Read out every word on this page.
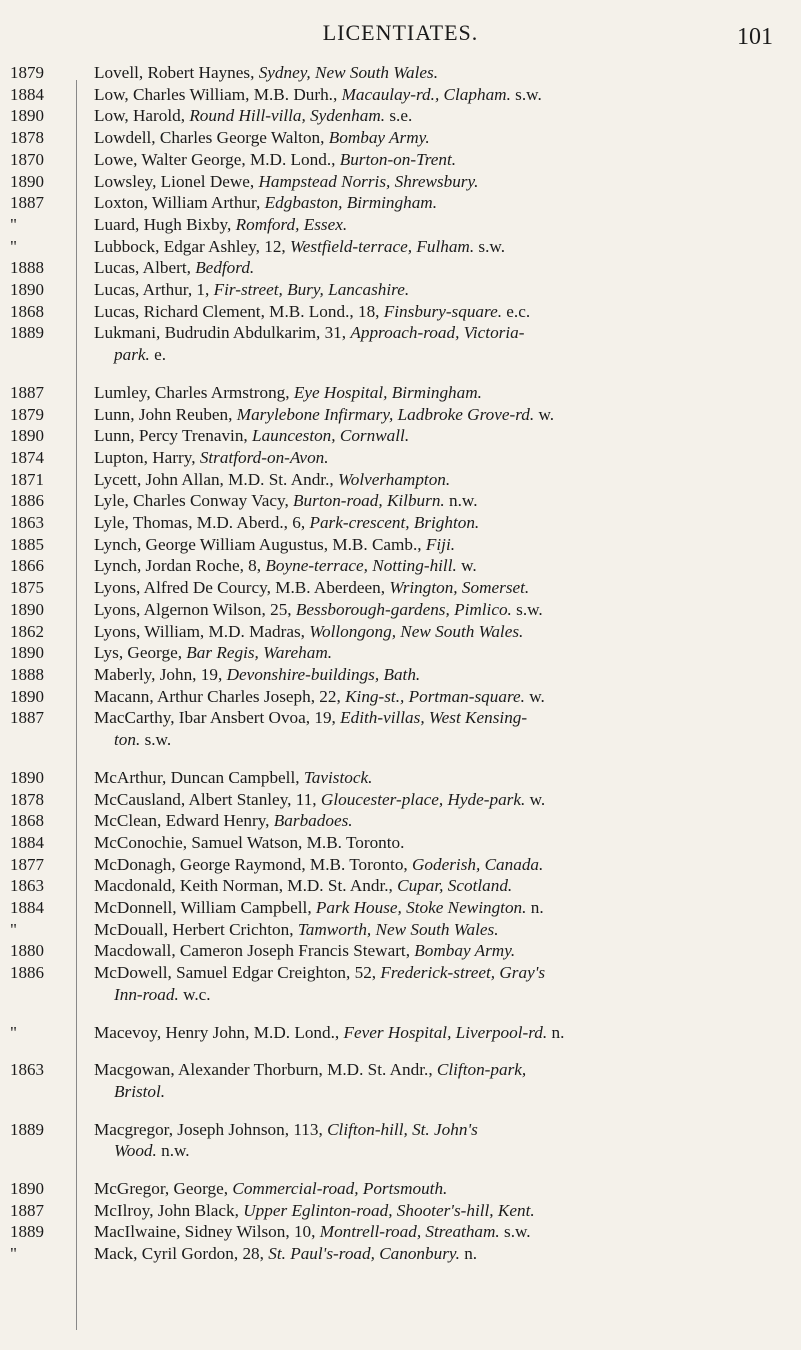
LICENTIATES.	101
1879	Lovell, Robert Haynes, Sydney, New South Wales.
1884	Low, Charles William, M.B. Durh., Macaulay-rd., Clapham. s.w.
1890	Low, Harold, Round Hill-villa, Sydenham. s.e.
1878	Lowdell, Charles George Walton, Bombay Army.
1870	Lowe, Walter George, M.D. Lond., Burton-on-Trent.
1890	Lowsley, Lionel Dewe, Hampstead Norris, Shrewsbury.
1887	Loxton, William Arthur, Edgbaston, Birmingham.
"	Luard, Hugh Bixby, Romford, Essex.
"	Lubbock, Edgar Ashley, 12, Westfield-terrace, Fulham. s.w.
1888	Lucas, Albert, Bedford.
1890	Lucas, Arthur, 1, Fir-street, Bury, Lancashire.
1868	Lucas, Richard Clement, M.B. Lond., 18, Finsbury-square. e.c.
1889	Lukmani, Budrudin Abdulkarim, 31, Approach-road, Victoria-
park. e.
1887	Lumley, Charles Armstrong, Eye Hospital, Birmingham.
1879	Lunn, John Reuben, Marylebone Infirmary, Ladbroke Grove-rd. w.
1890	Lunn, Percy Trenavin, Launceston, Cornwall.
1874	Lupton, Harry, Stratford-on-Avon.
1871	Lycett, John Allan, M.D. St. Andr., Wolverhampton.
1886	Lyle, Charles Conway Vacy, Burton-road, Kilburn. n.w.
1863	Lyle, Thomas, M.D. Aberd., 6, Park-crescent, Brighton.
1885	Lynch, George William Augustus, M.B. Camb., Fiji.
1866	Lynch, Jordan Roche, 8, Boyne-terrace, Notting-hill. w.
1875	Lyons, Alfred De Courcy, M.B. Aberdeen, Wrington, Somerset.
1890	Lyons, Algernon Wilson, 25, Bessborough-gardens, Pimlico. s.w.
1862	Lyons, William, M.D. Madras, Wollongong, New South Wales.
1890	Lys, George, Bar Regis, Wareham.
1888	Maberly, John, 19, Devonshire-buildings, Bath.
1890	Macann, Arthur Charles Joseph, 22, King-st., Portman-square. w.
1887	MacCarthy, Ibar Ansbert Ovoa, 19, Edith-villas, West Kensing-
ton. s.w.
1890	McArthur, Duncan Campbell, Tavistock.
1878	McCausland, Albert Stanley, 11, Gloucester-place, Hyde-park. w.
1868	McClean, Edward Henry, Barbadoes.
1884	McConochie, Samuel Watson, M.B. Toronto.
1877	McDonagh, George Raymond, M.B. Toronto, Goderish, Canada.
1863	Macdonald, Keith Norman, M.D. St. Andr., Cupar, Scotland.
1884	McDonnell, William Campbell, Park House, Stoke Newington. n.
"	McDouall, Herbert Crichton, Tamworth, New South Wales.
1880	Macdowall, Cameron Joseph Francis Stewart, Bombay Army.
1886	McDowell, Samuel Edgar Creighton, 52, Frederick-street, Gray's
Inn-road. w.c.
"	Macevoy, Henry John, M.D. Lond., Fever Hospital, Liverpool-rd. n.
1863	Macgowan, Alexander Thorburn, M.D. St. Andr., Clifton-park,
Bristol.
1889	Macgregor, Joseph Johnson, 113, Clifton-hill, St. John's
Wood. n.w.
1890	McGregor, George, Commercial-road, Portsmouth.
1887	McIlroy, John Black, Upper Eglinton-road, Shooter's-hill, Kent.
1889	MacIlwaine, Sidney Wilson, 10, Montrell-road, Streatham. s.w.
"	Mack, Cyril Gordon, 28, St. Paul's-road, Canonbury. n.
